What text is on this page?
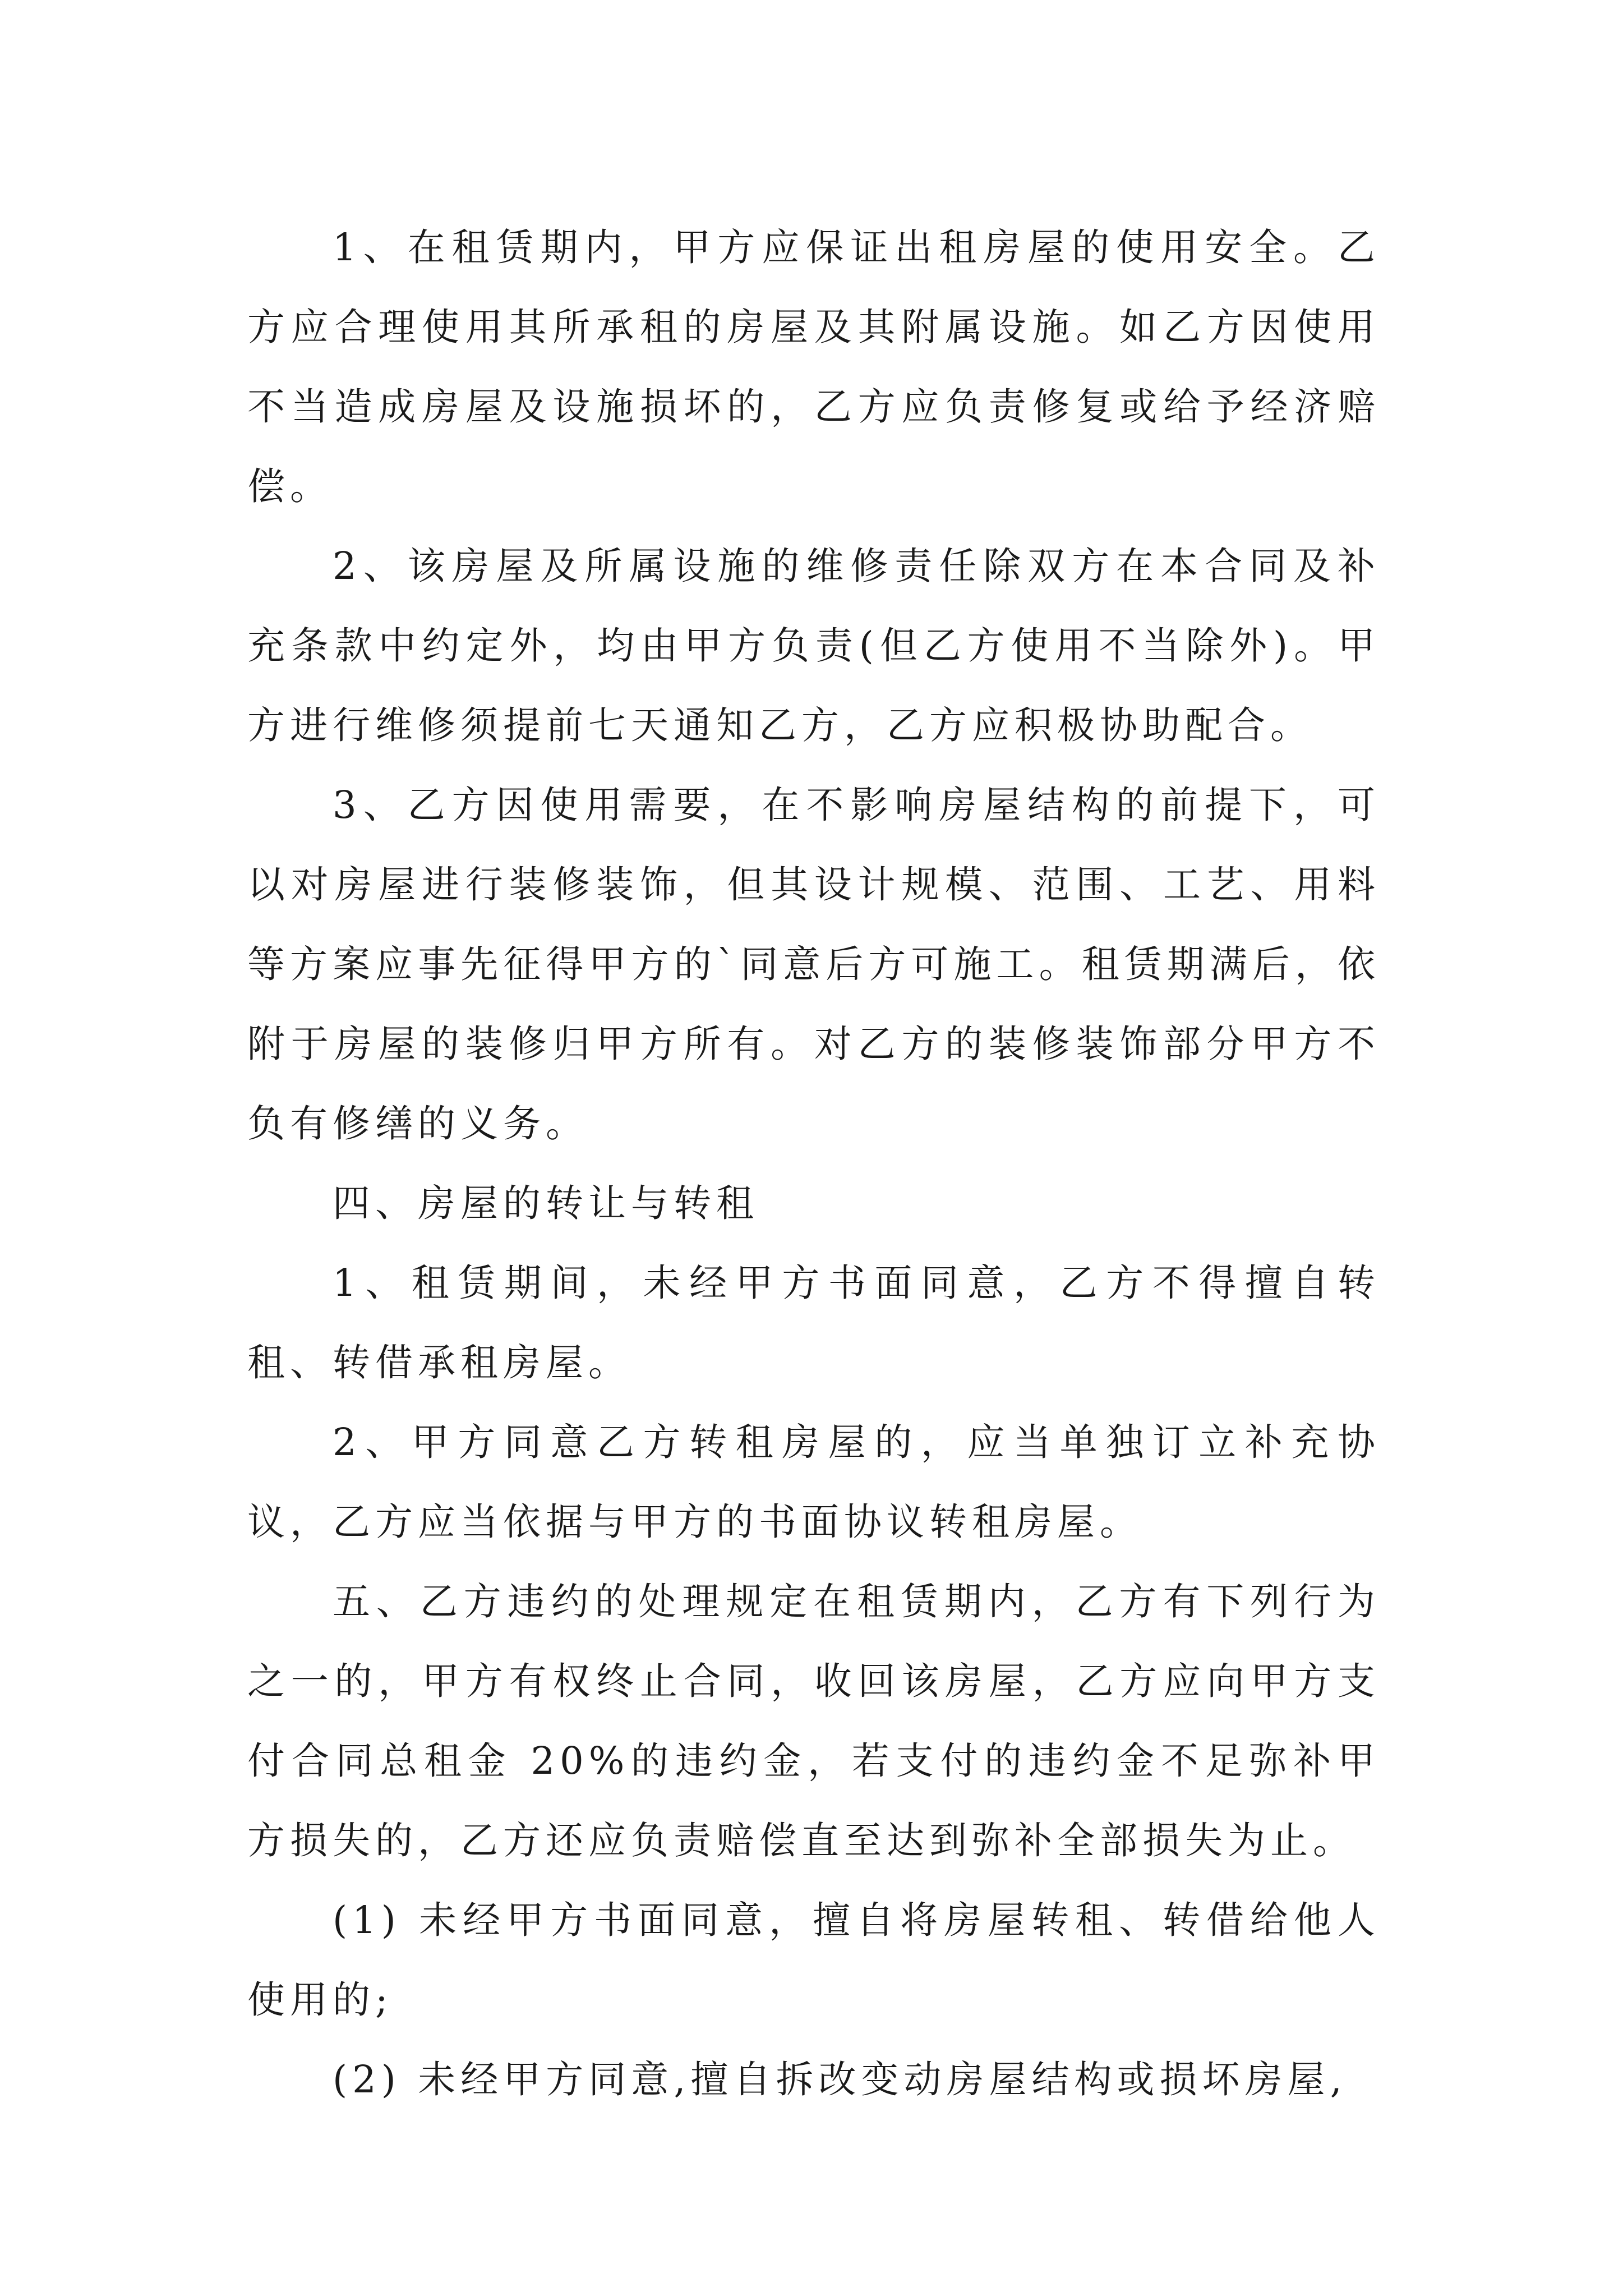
1、在租赁期内，甲方应保证出租房屋的使用安全。乙方应合理使用其所承租的房屋及其附属设施。如乙方因使用不当造成房屋及设施损坏的，乙方应负责修复或给予经济赔偿。

2、该房屋及所属设施的维修责任除双方在本合同及补充条款中约定外，均由甲方负责(但乙方使用不当除外)。甲方进行维修须提前七天通知乙方，乙方应积极协助配合。

3、乙方因使用需要，在不影响房屋结构的前提下，可以对房屋进行装修装饰，但其设计规模、范围、工艺、用料等方案应事先征得甲方的`同意后方可施工。租赁期满后，依附于房屋的装修归甲方所有。对乙方的装修装饰部分甲方不负有修缮的义务。

四、房屋的转让与转租

1、租赁期间，未经甲方书面同意，乙方不得擅自转租、转借承租房屋。

2、甲方同意乙方转租房屋的，应当单独订立补充协议，乙方应当依据与甲方的书面协议转租房屋。

五、乙方违约的处理规定在租赁期内，乙方有下列行为之一的，甲方有权终止合同，收回该房屋，乙方应向甲方支付合同总租金 20%的违约金，若支付的违约金不足弥补甲方损失的，乙方还应负责赔偿直至达到弥补全部损失为止。

(1) 未经甲方书面同意，擅自将房屋转租、转借给他人使用的;

(2) 未经甲方同意,擅自拆改变动房屋结构或损坏房屋,
